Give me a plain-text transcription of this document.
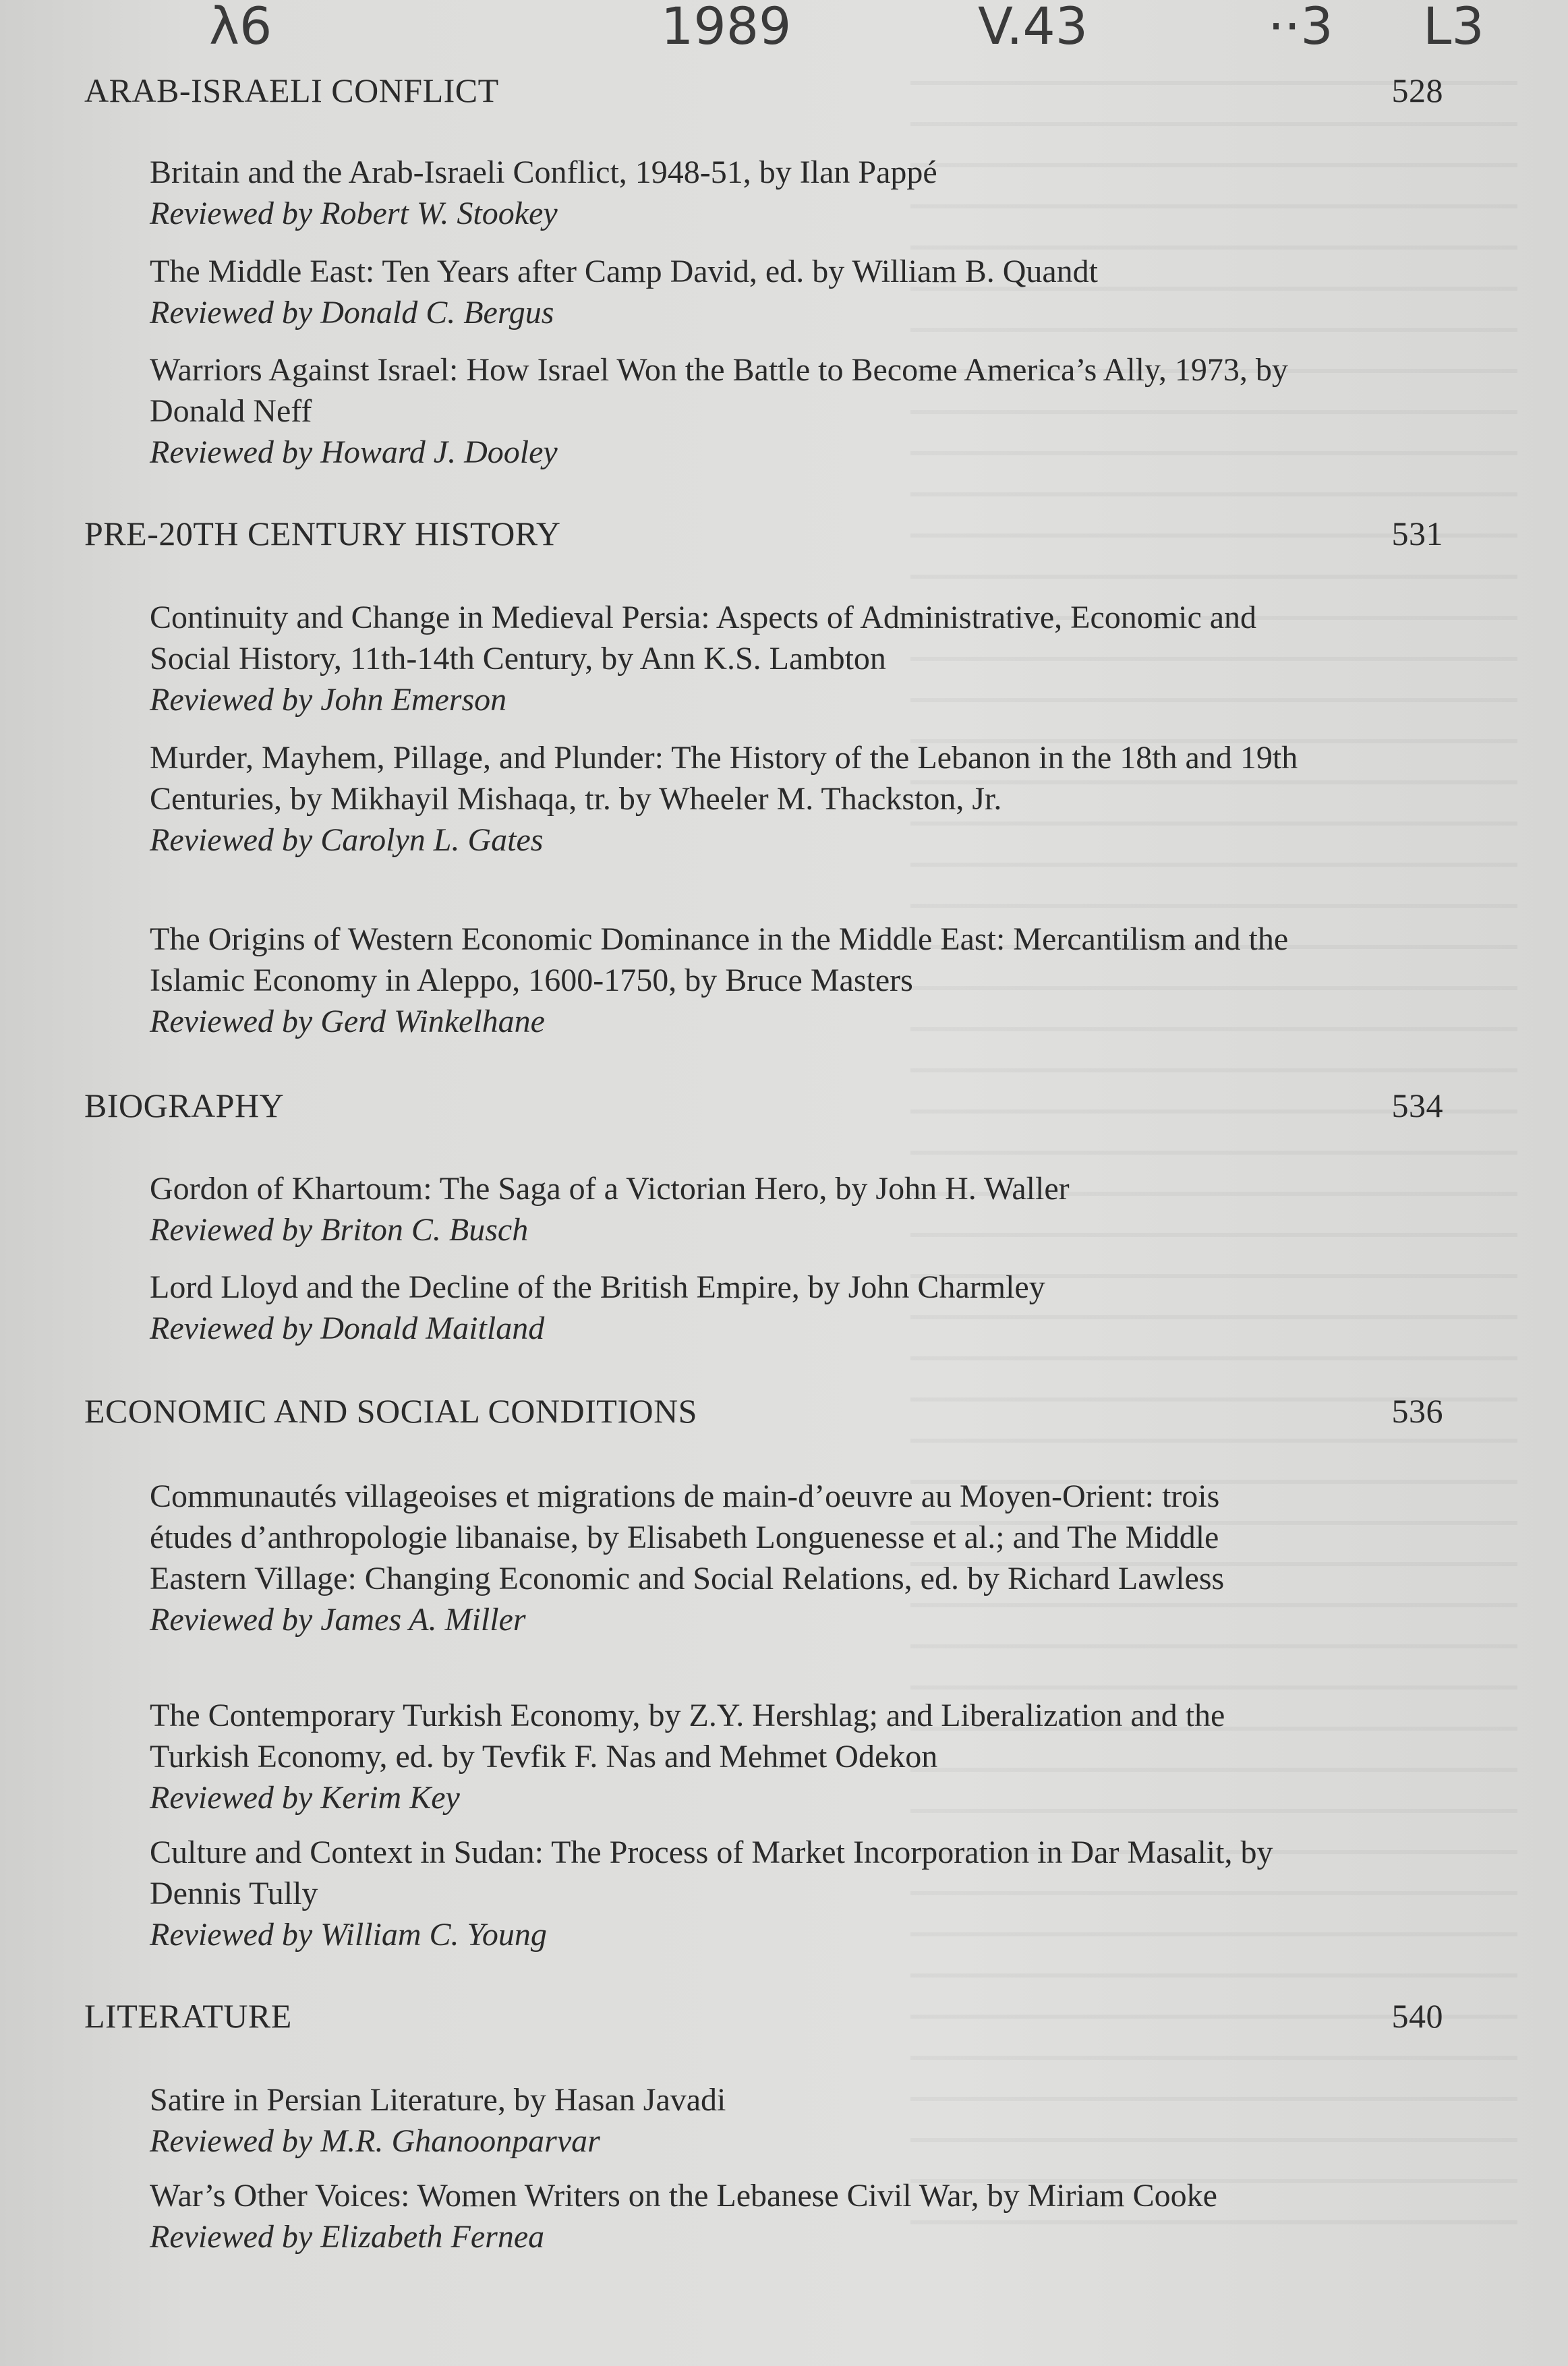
λ6	1989	V.43	··3 L3
ARAB-ISRAELI CONFLICT	528
Britain and the Arab-Israeli Conflict, 1948-51, by Ilan Pappé
Reviewed by Robert W. Stookey
The Middle East: Ten Years after Camp David, ed. by William B. Quandt
Reviewed by Donald C. Bergus
Warriors Against Israel: How Israel Won the Battle to Become America’s Ally, 1973, by Donald Neff
Reviewed by Howard J. Dooley
PRE-20TH CENTURY HISTORY	531
Continuity and Change in Medieval Persia: Aspects of Administrative, Economic and Social History, 11th-14th Century, by Ann K.S. Lambton
Reviewed by John Emerson
Murder, Mayhem, Pillage, and Plunder: The History of the Lebanon in the 18th and 19th Centuries, by Mikhayil Mishaqa, tr. by Wheeler M. Thackston, Jr.
Reviewed by Carolyn L. Gates
The Origins of Western Economic Dominance in the Middle East: Mercantilism and the Islamic Economy in Aleppo, 1600-1750, by Bruce Masters
Reviewed by Gerd Winkelhane
BIOGRAPHY	534
Gordon of Khartoum: The Saga of a Victorian Hero, by John H. Waller
Reviewed by Briton C. Busch
Lord Lloyd and the Decline of the British Empire, by John Charmley
Reviewed by Donald Maitland
ECONOMIC AND SOCIAL CONDITIONS	536
Communautés villageoises et migrations de main-d’oeuvre au Moyen-Orient: trois études d’anthropologie libanaise, by Elisabeth Longuenesse et al.; and The Middle Eastern Village: Changing Economic and Social Relations, ed. by Richard Lawless
Reviewed by James A. Miller
The Contemporary Turkish Economy, by Z.Y. Hershlag; and Liberalization and the Turkish Economy, ed. by Tevfik F. Nas and Mehmet Odekon
Reviewed by Kerim Key
Culture and Context in Sudan: The Process of Market Incorporation in Dar Masalit, by Dennis Tully
Reviewed by William C. Young
LITERATURE	540
Satire in Persian Literature, by Hasan Javadi
Reviewed by M.R. Ghanoonparvar
War’s Other Voices: Women Writers on the Lebanese Civil War, by Miriam Cooke
Reviewed by Elizabeth Fernea
